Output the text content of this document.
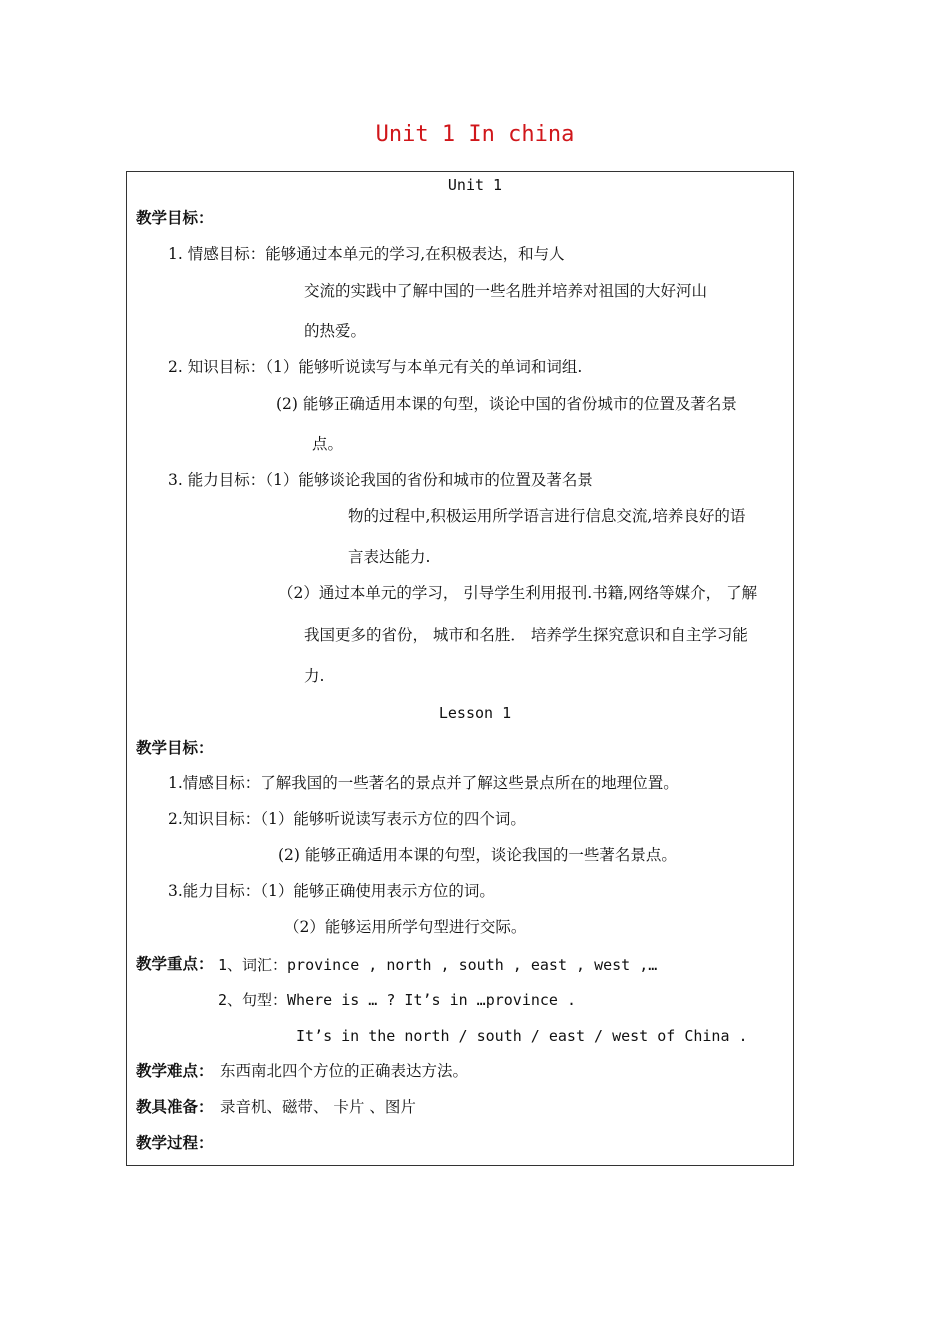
Unit 1 In china
Unit 1
教学目标：
1. 情感目标：能够通过本单元的学习,在积极表达，和与人
交流的实践中了解中国的一些名胜并培养对祖国的大好河山
的热爱。
2. 知识目标：（1）能够听说读写与本单元有关的单词和词组.
(2) 能够正确适用本课的句型，谈论中国的省份城市的位置及著名景
点。
3. 能力目标：（1）能够谈论我国的省份和城市的位置及著名景
物的过程中,积极运用所学语言进行信息交流,培养良好的语
言表达能力.
（2）通过本单元的学习， 引导学生利用报刊.书籍,网络等媒介， 了解
我国更多的省份， 城市和名胜． 培养学生探究意识和自主学习能
力.
Lesson 1
教学目标：
1.情感目标：了解我国的一些著名的景点并了解这些景点所在的地理位置。
2.知识目标：（1）能够听说读写表示方位的四个词。
(2) 能够正确适用本课的句型，谈论我国的一些著名景点。
3.能力目标：（1）能够正确使用表示方位的词。
（2）能够运用所学句型进行交际。
教学重点： 1、词汇：province , north , south , east , west ,…
2、句型：Where is … ? It’s in …province .
It’s in the north / south / east / west of China .
教学难点： 东西南北四个方位的正确表达方法。
教具准备： 录音机、磁带、 卡片 、图片
教学过程：
